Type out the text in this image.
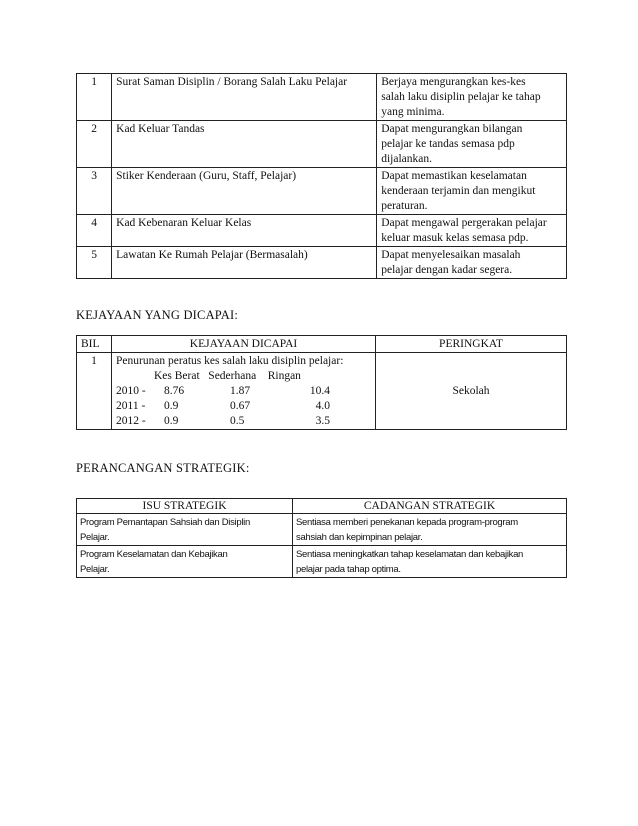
1	Surat Saman Disiplin / Borang Salah Laku Pelajar	Berjaya mengurangkan kes-kes
salah laku disiplin pelajar ke tahap
yang minima.

2	Kad Keluar Tandas	Dapat mengurangkan bilangan
pelajar ke tandas semasa pdp
dijalankan.

3	Stiker Kenderaan (Guru, Staff, Pelajar)	Dapat memastikan keselamatan
kenderaan terjamin dan mengikut
peraturan.

4	Kad Kebenaran Keluar Kelas	Dapat mengawal pergerakan pelajar
keluar masuk kelas semasa pdp.

5	Lawatan Ke Rumah Pelajar (Bermasalah)	Dapat menyelesaikan masalah
pelajar dengan kadar segera.
KEJAYAAN YANG DICAPAI:
BIL	KEJAYAAN DICAPAI	PERINGKAT
1	Penurunan peratus kes salah laku disiplin pelajar:
Kes Berat Sederhana Ringan
2010 - 8.76 1.87 10.4
2011 - 0.9 0.67 4.0
2012 - 0.9 0.5 3.5	Sekolah
PERANCANGAN STRATEGIK:
ISU STRATEGIK	CADANGAN STRATEGIK

Program Pemantapan Sahsiah dan Disiplin
Pelajar.	Sentiasa memberi penekanan kepada program-program
sahsiah dan kepimpinan pelajar.

Program Keselamatan dan Kebajikan
Pelajar.	Sentiasa meningkatkan tahap keselamatan dan kebajikan
pelajar pada tahap optima.
